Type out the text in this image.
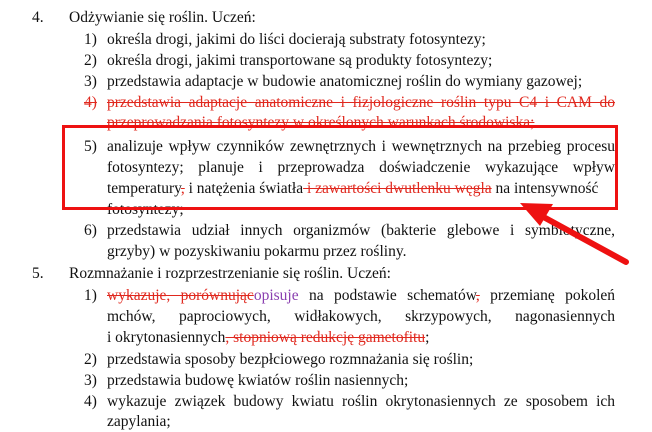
4. Odżywianie się roślin. Uczeń:
1) określa drogi, jakimi do liści docierają substraty fotosyntezy;
2) określa drogi, jakimi transportowane są produkty fotosyntezy;
3) przedstawia adaptacje w budowie anatomicznej roślin do wymiany gazowej;
4) przedstawia adaptacje anatomiczne i fizjologiczne roślin typu C4 i CAM do
przeprowadzania fotosyntezy w określonych warunkach środowiska;
5) analizuje wpływ czynników zewnętrznych i wewnętrznych na przebieg procesu
fotosyntezy; planuje i przeprowadza doświadczenie wykazujące wpływ
temperatury, i natężenia światła i zawartości dwutlenku węgla na intensywność
fotosyntezy;
6) przedstawia udział innych organizmów (bakterie glebowe i symbiotyczne,
grzyby) w pozyskiwaniu pokarmu przez rośliny.
5. Rozmnażanie i rozprzestrzenianie się roślin. Uczeń:
1) wykazuje, porównującopisuje na podstawie schematów, przemianę pokoleń
mchów, paprociowych, widłakowych, skrzypowych, nagonasiennych
i okrytonasiennych, stopniową redukcję gametofitu;
2) przedstawia sposoby bezpłciowego rozmnażania się roślin;
3) przedstawia budowę kwiatów roślin nasiennych;
4) wykazuje związek budowy kwiatu roślin okrytonasiennych ze sposobem ich
zapylania;
